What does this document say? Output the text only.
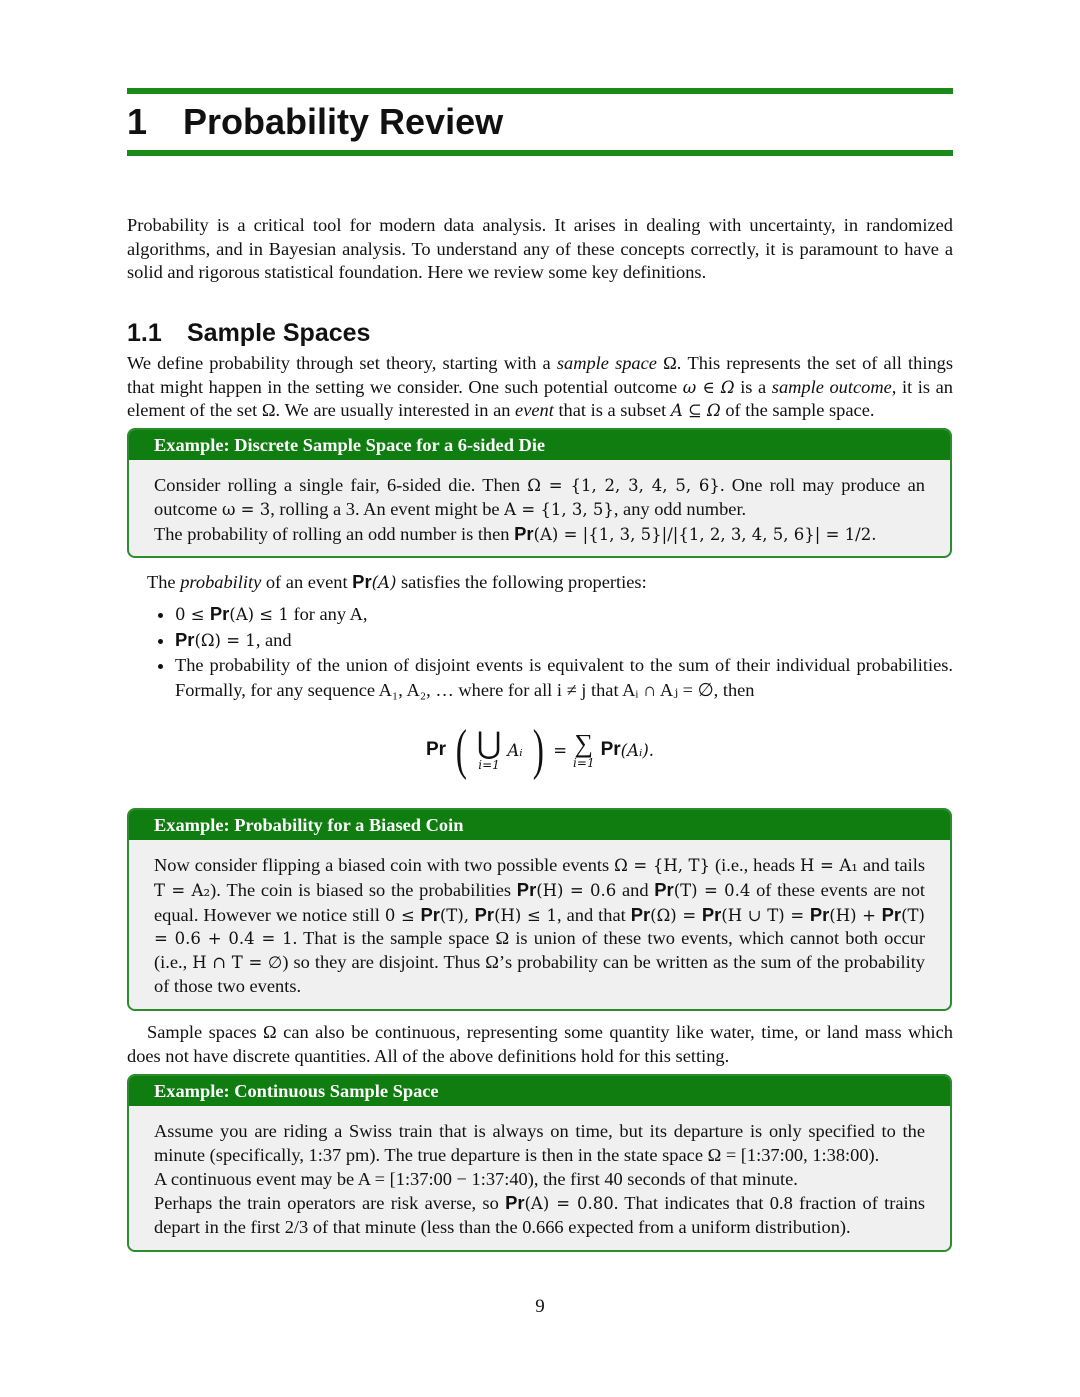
1 Probability Review

Probability is a critical tool for modern data analysis. It arises in dealing with uncertainty, in randomized algorithms, and in Bayesian analysis. To understand any of these concepts correctly, it is paramount to have a solid and rigorous statistical foundation. Here we review some key definitions.

1.1	Sample Spaces

We define probability through set theory, starting with a sample space Ω. This represents the set of all things that might happen in the setting we consider. One such potential outcome ω ∈ Ω is a sample outcome, it is an element of the set Ω. We are usually interested in an event that is a subset A ⊆ Ω of the sample space.

Example: Discrete Sample Space for a 6-sided Die

Consider rolling a single fair, 6-sided die. Then Ω = {1, 2, 3, 4, 5, 6}. One roll may produce an outcome ω = 3, rolling a 3. An event might be A = {1, 3, 5}, any odd number.

The probability of rolling an odd number is then Pr(A) = |{1, 3, 5}|/|{1, 2, 3, 4, 5, 6}| = 1/2.

The probability of an event Pr(A) satisfies the following properties:

• 0 ≤ Pr(A) ≤ 1 for any A,
• Pr(Ω) = 1, and
• The probability of the union of disjoint events is equivalent to the sum of their individual probabilities. Formally, for any sequence A₁, A₂, … where for all i ≠ j that Aᵢ ∩ Aⱼ = ∅, then
Pr ( ⋃
i=1
Aᵢ ) = ∑
i=1
Pr (Aᵢ).
Example: Probability for a Biased Coin

Now consider flipping a biased coin with two possible events Ω = {H, T} (i.e., heads H = A₁ and tails T = A₂). The coin is biased so the probabilities Pr(H) = 0.6 and Pr(T) = 0.4 of these events are not equal. However we notice still 0 ≤ Pr(T), Pr(H) ≤ 1, and that Pr(Ω) = Pr(H ∪ T) = Pr(H) + Pr(T) = 0.6 + 0.4 = 1. That is the sample space Ω is union of these two events, which cannot both occur (i.e., H ∩ T = ∅) so they are disjoint. Thus Ω’s probability can be written as the sum of the probability of those two events.

Sample spaces Ω can also be continuous, representing some quantity like water, time, or land mass which does not have discrete quantities. All of the above definitions hold for this setting.

Example: Continuous Sample Space

Assume you are riding a Swiss train that is always on time, but its departure is only specified to the minute (specifically, 1:37 pm). The true departure is then in the state space Ω = [1:37:00, 1:38:00).

A continuous event may be A = [1:37:00 − 1:37:40), the first 40 seconds of that minute.

Perhaps the train operators are risk averse, so Pr(A) = 0.80. That indicates that 0.8 fraction of trains depart in the first 2/3 of that minute (less than the 0.666 expected from a uniform distribution).

9
